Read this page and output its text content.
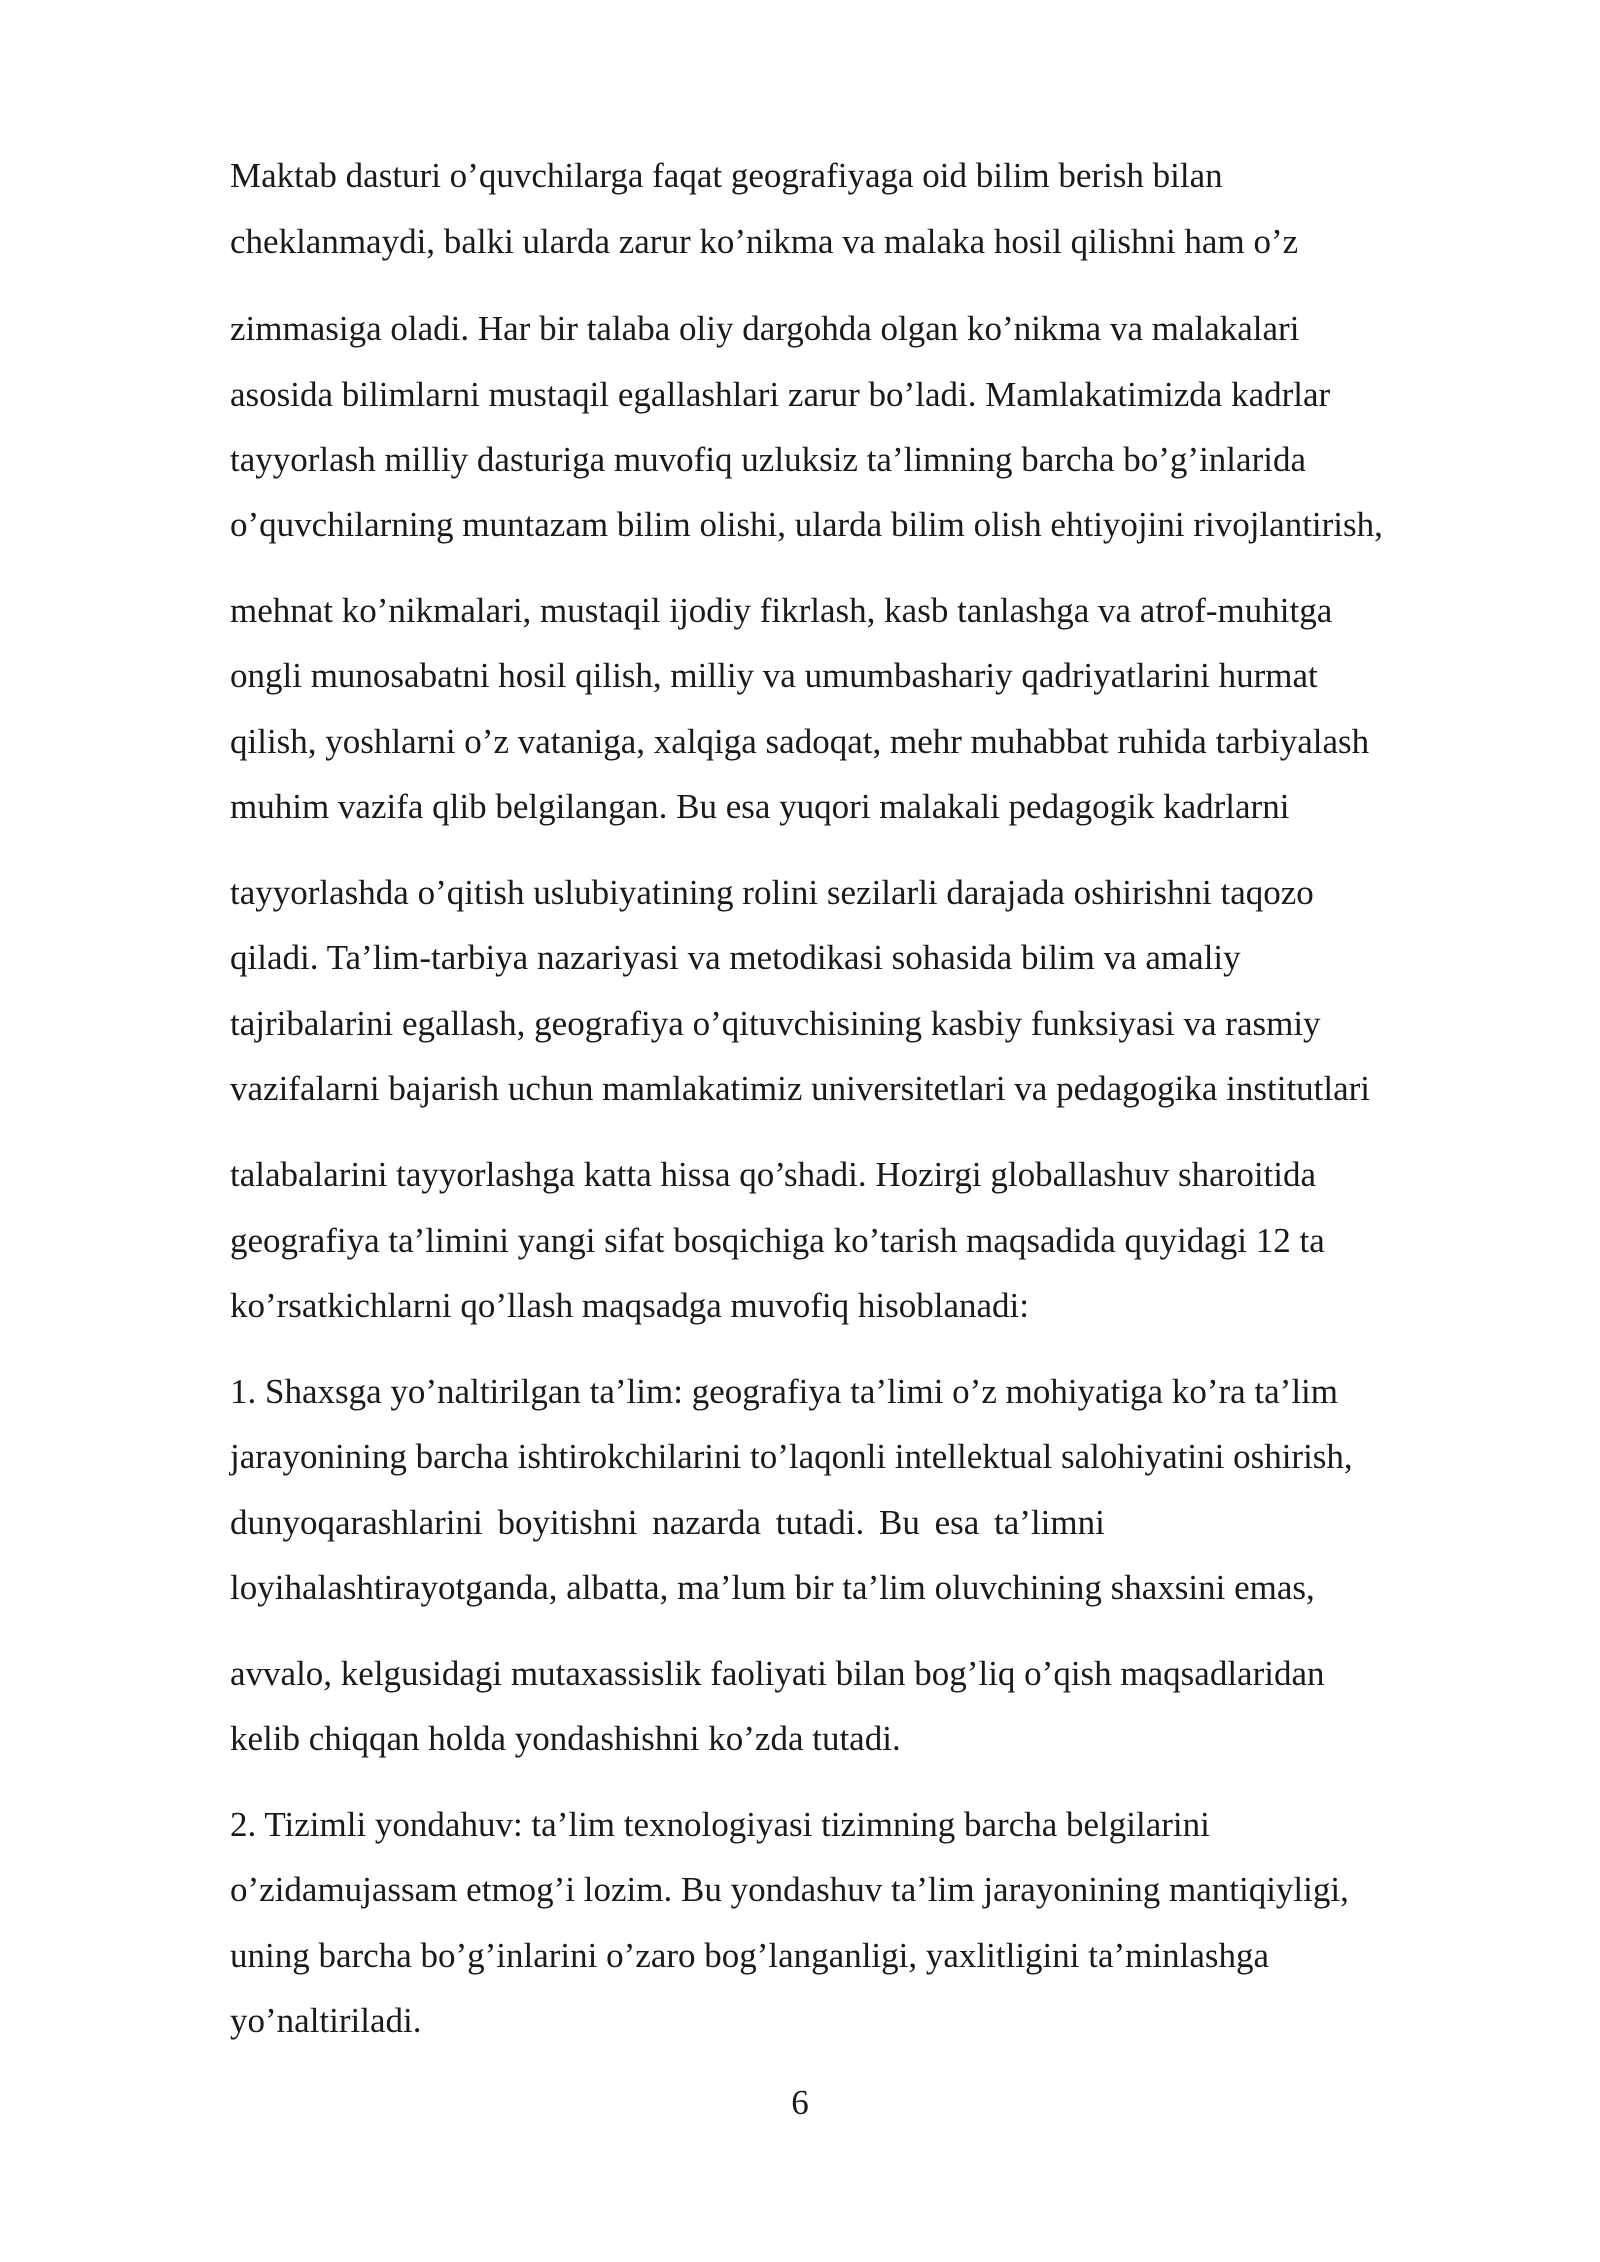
Maktab dasturi o’quvchilarga faqat geografiyaga oid bilim berish bilan
cheklanmaydi, balki ularda zarur ko’nikma va malaka hosil qilishni ham o’z
zimmasiga oladi. Har bir talaba oliy dargohda olgan ko’nikma va malakalari
asosida bilimlarni mustaqil egallashlari zarur bo’ladi. Mamlakatimizda kadrlar
tayyorlash milliy dasturiga muvofiq uzluksiz ta’limning barcha bo’g’inlarida
o’quvchilarning muntazam bilim olishi, ularda bilim olish ehtiyojini rivojlantirish,
mehnat ko’nikmalari, mustaqil ijodiy fikrlash, kasb tanlashga va atrof-muhitga
ongli munosabatni hosil qilish, milliy va umumbashariy qadriyatlarini hurmat
qilish, yoshlarni o’z vataniga, xalqiga sadoqat, mehr muhabbat ruhida tarbiyalash
muhim vazifa qlib belgilangan. Bu esa yuqori malakali pedagogik kadrlarni
tayyorlashda o’qitish uslubiyatining rolini sezilarli darajada oshirishni taqozo
qiladi. Ta’lim-tarbiya nazariyasi va metodikasi sohasida bilim va amaliy
tajribalarini egallash, geografiya o’qituvchisining kasbiy funksiyasi va rasmiy
vazifalarni bajarish uchun mamlakatimiz universitetlari va pedagogika institutlari
talabalarini tayyorlashga katta hissa qo’shadi. Hozirgi globallashuv sharoitida
geografiya ta’limini yangi sifat bosqichiga ko’tarish maqsadida quyidagi 12 ta
ko’rsatkichlarni qo’llash maqsadga muvofiq hisoblanadi:
1. Shaxsga yo’naltirilgan ta’lim: geografiya ta’limi o’z mohiyatiga ko’ra ta’lim
jarayonining barcha ishtirokchilarini to’laqonli intellektual salohiyatini oshirish,
dunyoqarashlarini boyitishni nazarda tutadi. Bu esa ta’limni
loyihalashtirayotganda, albatta, ma’lum bir ta’lim oluvchining shaxsini emas,
avvalo, kelgusidagi mutaxassislik faoliyati bilan bog’liq o’qish maqsadlaridan
kelib chiqqan holda yondashishni ko’zda tutadi.
2. Tizimli yondahuv: ta’lim texnologiyasi tizimning barcha belgilarini
o’zidamujassam etmog’i lozim. Bu yondashuv ta’lim jarayonining mantiqiyligi,
uning barcha bo’g’inlarini o’zaro bog’langanligi, yaxlitligini ta’minlashga
yo’naltiriladi.
6
